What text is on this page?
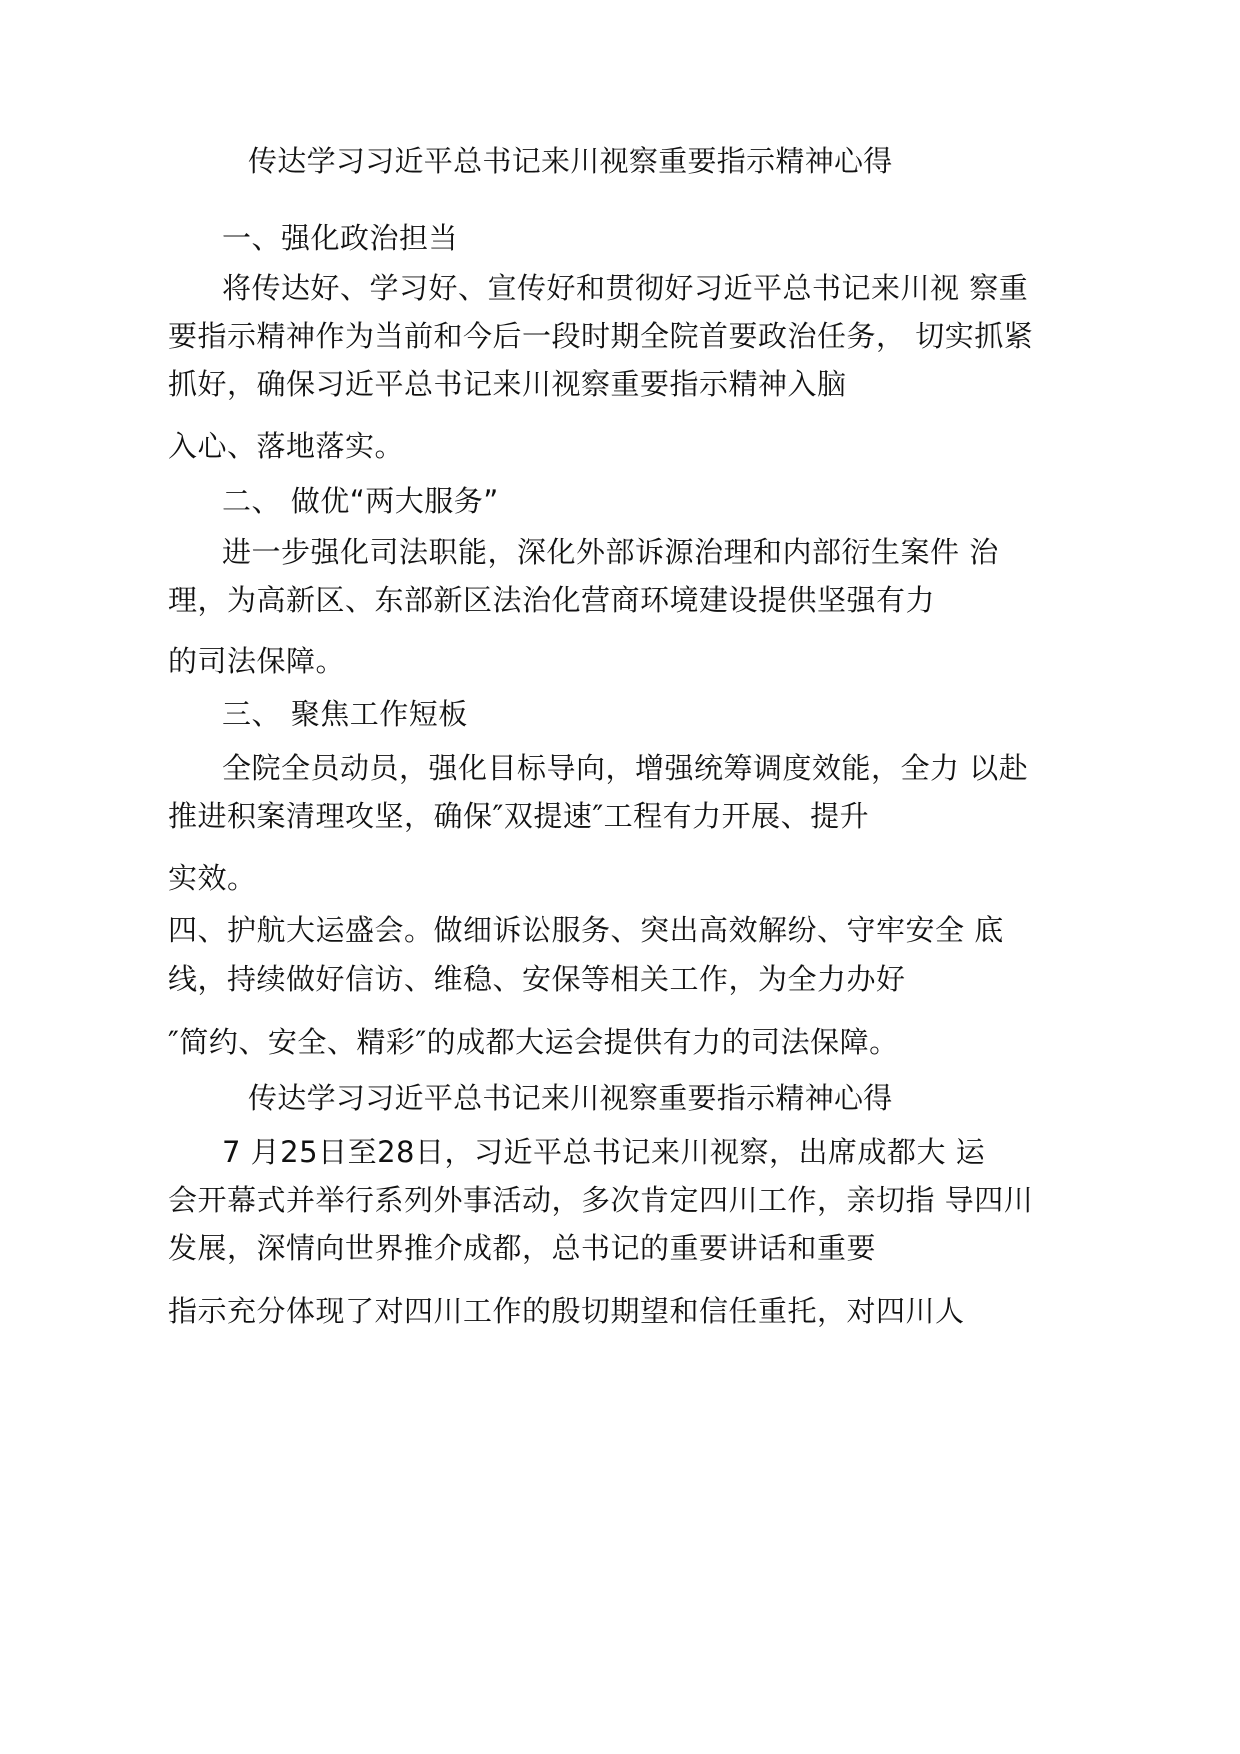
传达学习习近平总书记来川视察重要指示精神心得
一、强化政治担当
将传达好、学习好、宣传好和贯彻好习近平总书记来川视 察重
要指示精神作为当前和今后一段时期全院首要政治任务， 切实抓紧
抓好，确保习近平总书记来川视察重要指示精神入脑
入心、落地落实。
二、 做优“两大服务”
进一步强化司法职能，深化外部诉源治理和内部衍生案件 治
理，为高新区、东部新区法治化营商环境建设提供坚强有力
的司法保障。
三、 聚焦工作短板
全院全员动员，强化目标导向，增强统筹调度效能，全力 以赴
推进积案清理攻坚，确保″双提速″工程有力开展、提升
实效。
四、护航大运盛会。做细诉讼服务、突出高效解纷、守牢安全 底
线，持续做好信访、维稳、安保等相关工作，为全力办好
″简约、安全、精彩″的成都大运会提供有力的司法保障。
传达学习习近平总书记来川视察重要指示精神心得
7 月25日至28日，习近平总书记来川视察，出席成都大 运
会开幕式并举行系列外事活动，多次肯定四川工作，亲切指 导四川
发展，深情向世界推介成都，总书记的重要讲话和重要
指示充分体现了对四川工作的殷切期望和信任重托，对四川人
